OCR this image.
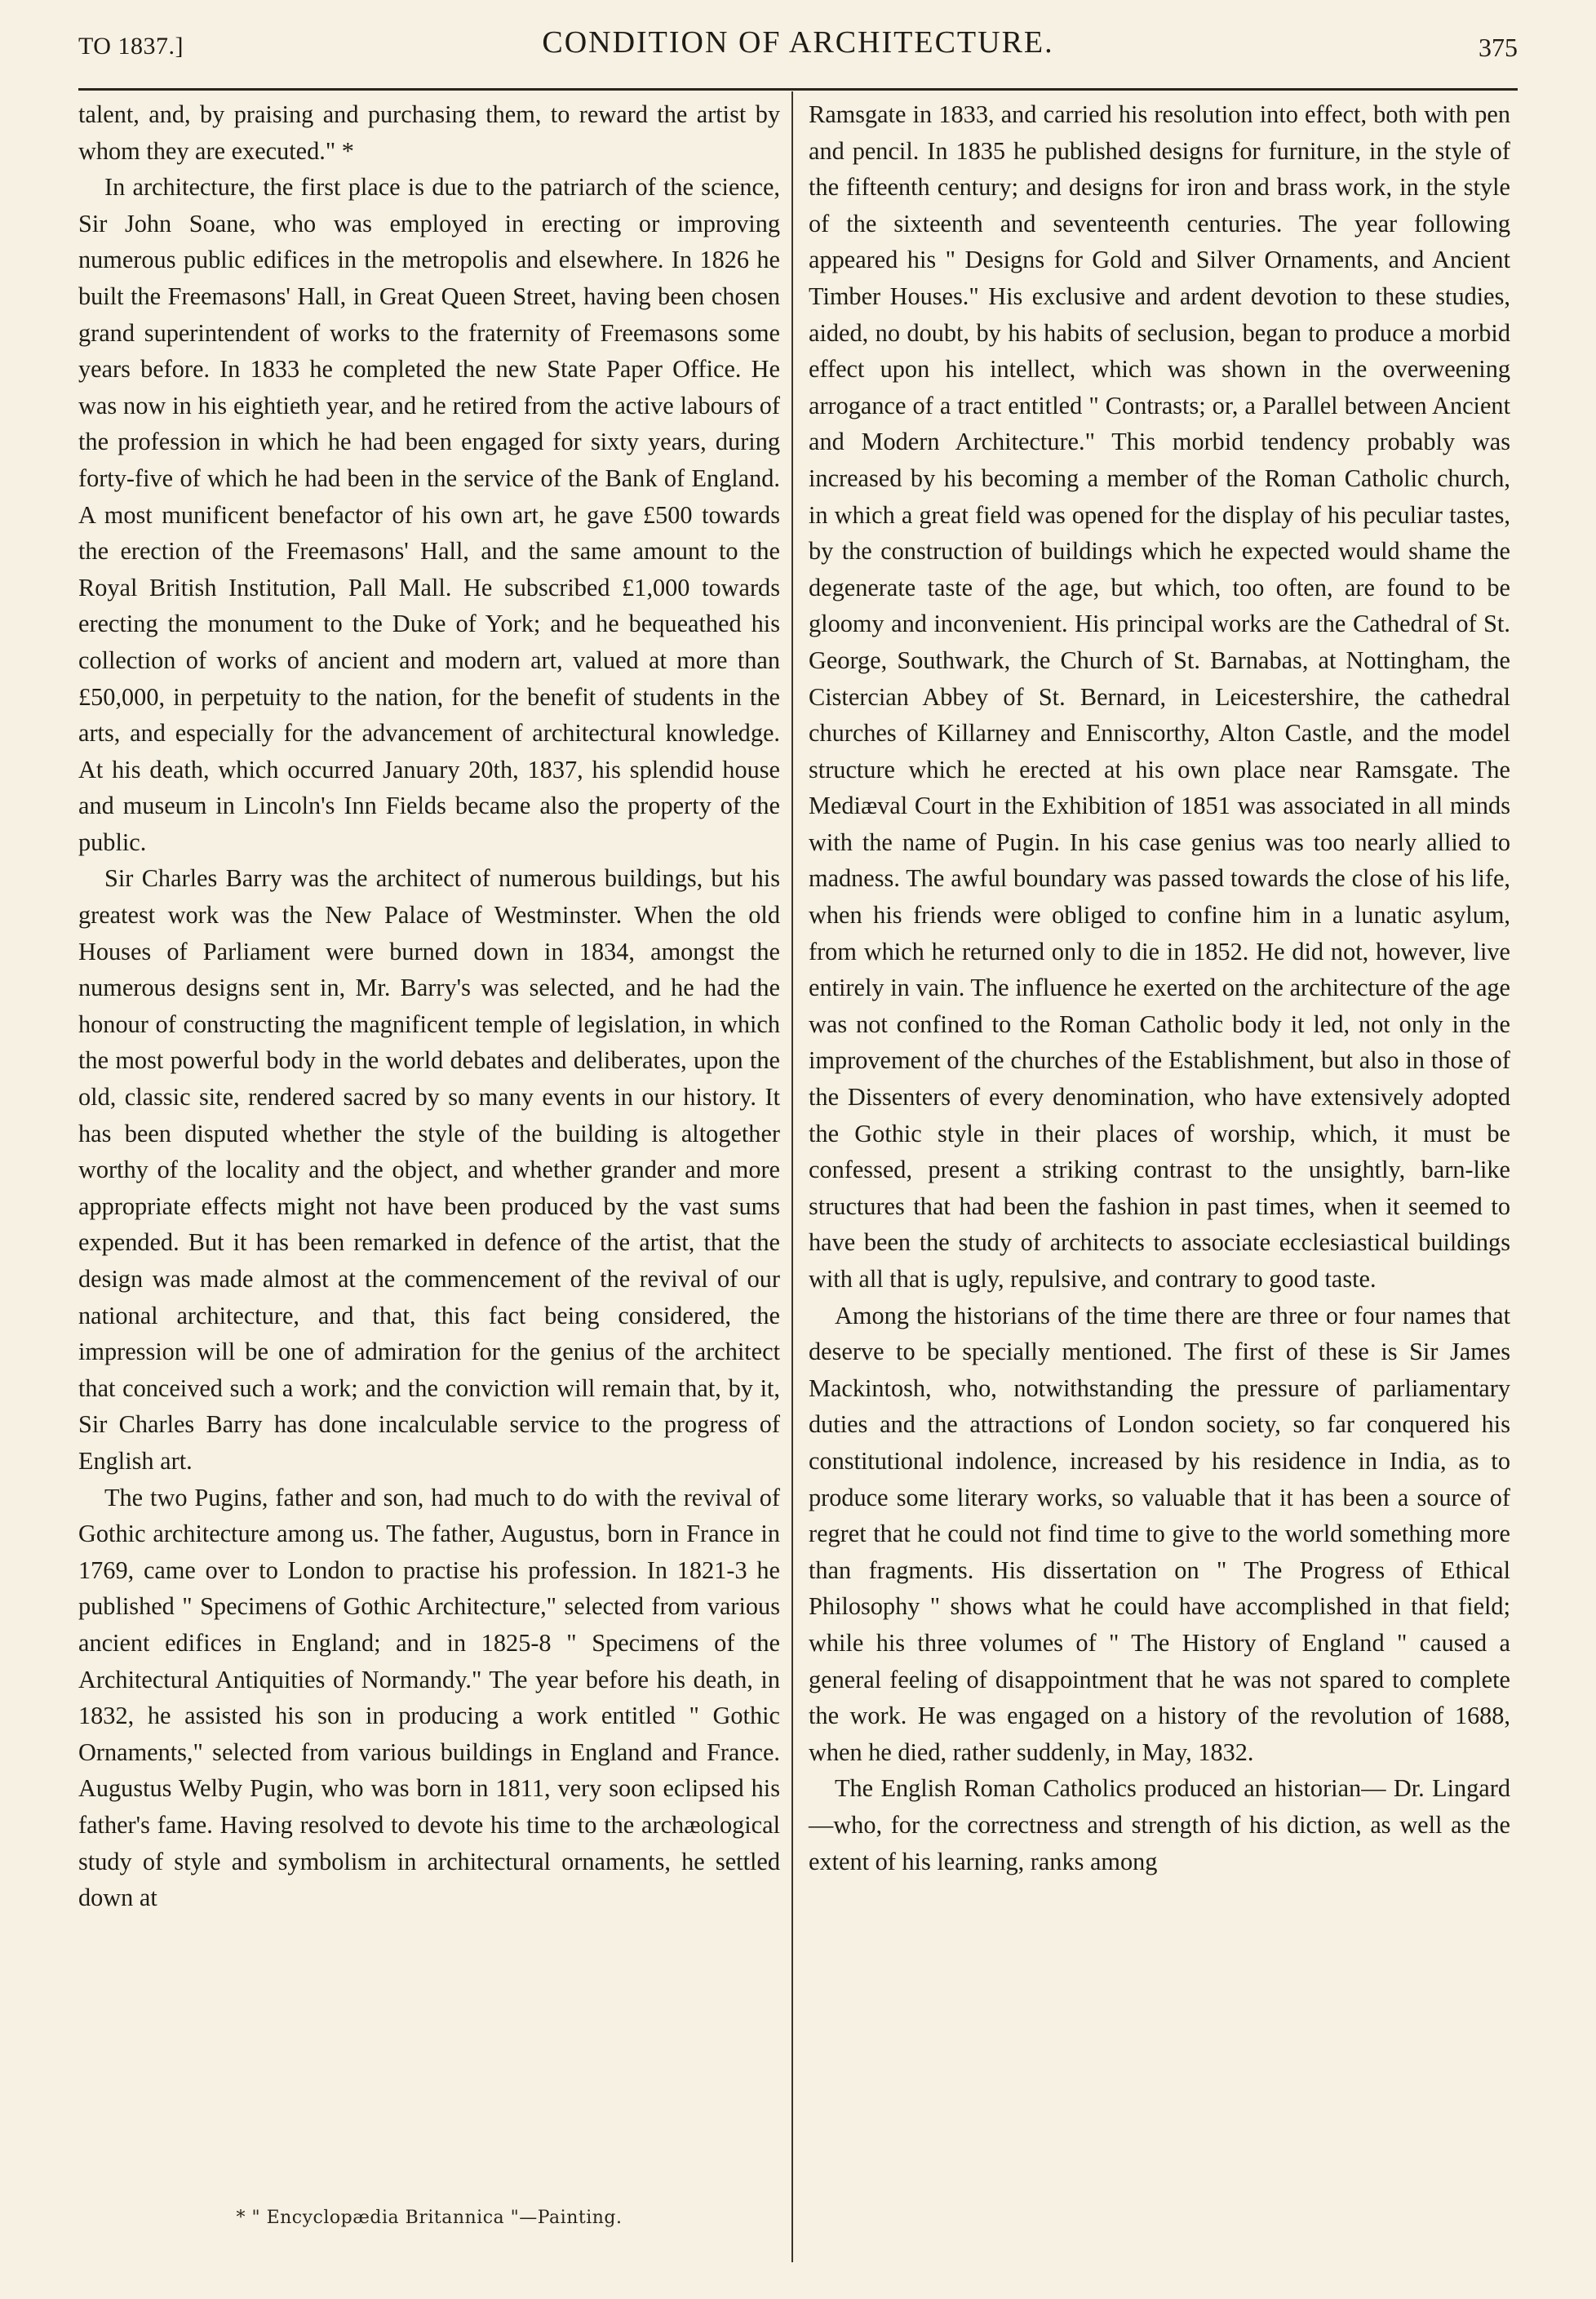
TO 1837.]	CONDITION OF ARCHITECTURE.	375

talent, and, by praising and purchasing them, to reward the artist by whom they are executed." *

In architecture, the first place is due to the patriarch of the science, Sir John Soane, who was employed in erecting or improving numerous public edifices in the metropolis and elsewhere. In 1826 he built the Freemasons' Hall, in Great Queen Street, having been chosen grand superintendent of works to the fraternity of Freemasons some years before. In 1833 he completed the new State Paper Office. He was now in his eightieth year, and he retired from the active labours of the profession in which he had been engaged for sixty years, during forty-five of which he had been in the service of the Bank of England. A most munificent benefactor of his own art, he gave £500 towards the erection of the Freemasons' Hall, and the same amount to the Royal British Institution, Pall Mall. He subscribed £1,000 towards erecting the monument to the Duke of York; and he bequeathed his collection of works of ancient and modern art, valued at more than £50,000, in perpetuity to the nation, for the benefit of students in the arts, and especially for the advancement of architectural knowledge. At his death, which occurred January 20th, 1837, his splendid house and museum in Lincoln's Inn Fields became also the property of the public.

Sir Charles Barry was the architect of numerous buildings, but his greatest work was the New Palace of Westminster. When the old Houses of Parliament were burned down in 1834, amongst the numerous designs sent in, Mr. Barry's was selected, and he had the honour of constructing the magnificent temple of legislation, in which the most powerful body in the world debates and deliberates, upon the old, classic site, rendered sacred by so many events in our history. It has been disputed whether the style of the building is altogether worthy of the locality and the object, and whether grander and more appropriate effects might not have been produced by the vast sums expended. But it has been remarked in defence of the artist, that the design was made almost at the commencement of the revival of our national architecture, and that, this fact being considered, the impression will be one of admiration for the genius of the architect that conceived such a work; and the conviction will remain that, by it, Sir Charles Barry has done incalculable service to the progress of English art.

The two Pugins, father and son, had much to do with the revival of Gothic architecture among us. The father, Augustus, born in France in 1769, came over to London to practise his profession. In 1821-3 he published " Specimens of Gothic Architecture," selected from various ancient edifices in England; and in 1825-8 " Specimens of the Architectural Antiquities of Normandy." The year before his death, in 1832, he assisted his son in producing a work entitled " Gothic Ornaments," selected from various buildings in England and France. Augustus Welby Pugin, who was born in 1811, very soon eclipsed his father's fame. Having resolved to devote his time to the archæological study of style and symbolism in architectural ornaments, he settled down at

Ramsgate in 1833, and carried his resolution into effect, both with pen and pencil. In 1835 he published designs for furniture, in the style of the fifteenth century; and designs for iron and brass work, in the style of the sixteenth and seventeenth centuries. The year following appeared his " Designs for Gold and Silver Ornaments, and Ancient Timber Houses." His exclusive and ardent devotion to these studies, aided, no doubt, by his habits of seclusion, began to produce a morbid effect upon his intellect, which was shown in the overweening arrogance of a tract entitled " Contrasts; or, a Parallel between Ancient and Modern Architecture." This morbid tendency probably was increased by his becoming a member of the Roman Catholic church, in which a great field was opened for the display of his peculiar tastes, by the construction of buildings which he expected would shame the degenerate taste of the age, but which, too often, are found to be gloomy and inconvenient. His principal works are the Cathedral of St. George, Southwark, the Church of St. Barnabas, at Nottingham, the Cistercian Abbey of St. Bernard, in Leicestershire, the cathedral churches of Killarney and Enniscorthy, Alton Castle, and the model structure which he erected at his own place near Ramsgate. The Mediæval Court in the Exhibition of 1851 was associated in all minds with the name of Pugin. In his case genius was too nearly allied to madness. The awful boundary was passed towards the close of his life, when his friends were obliged to confine him in a lunatic asylum, from which he returned only to die in 1852. He did not, however, live entirely in vain. The influence he exerted on the architecture of the age was not confined to the Roman Catholic body it led, not only in the improvement of the churches of the Establishment, but also in those of the Dissenters of every denomination, who have extensively adopted the Gothic style in their places of worship, which, it must be confessed, present a striking contrast to the unsightly, barn-like structures that had been the fashion in past times, when it seemed to have been the study of architects to associate ecclesiastical buildings with all that is ugly, repulsive, and contrary to good taste.

Among the historians of the time there are three or four names that deserve to be specially mentioned. The first of these is Sir James Mackintosh, who, notwithstanding the pressure of parliamentary duties and the attractions of London society, so far conquered his constitutional indolence, increased by his residence in India, as to produce some literary works, so valuable that it has been a source of regret that he could not find time to give to the world something more than fragments. His dissertation on " The Progress of Ethical Philosophy " shows what he could have accomplished in that field; while his three volumes of " The History of England " caused a general feeling of disappointment that he was not spared to complete the work. He was engaged on a history of the revolution of 1688, when he died, rather suddenly, in May, 1832.

The English Roman Catholics produced an historian— Dr. Lingard—who, for the correctness and strength of his diction, as well as the extent of his learning, ranks among

* " Encyclopædia Britannica "—Painting.
